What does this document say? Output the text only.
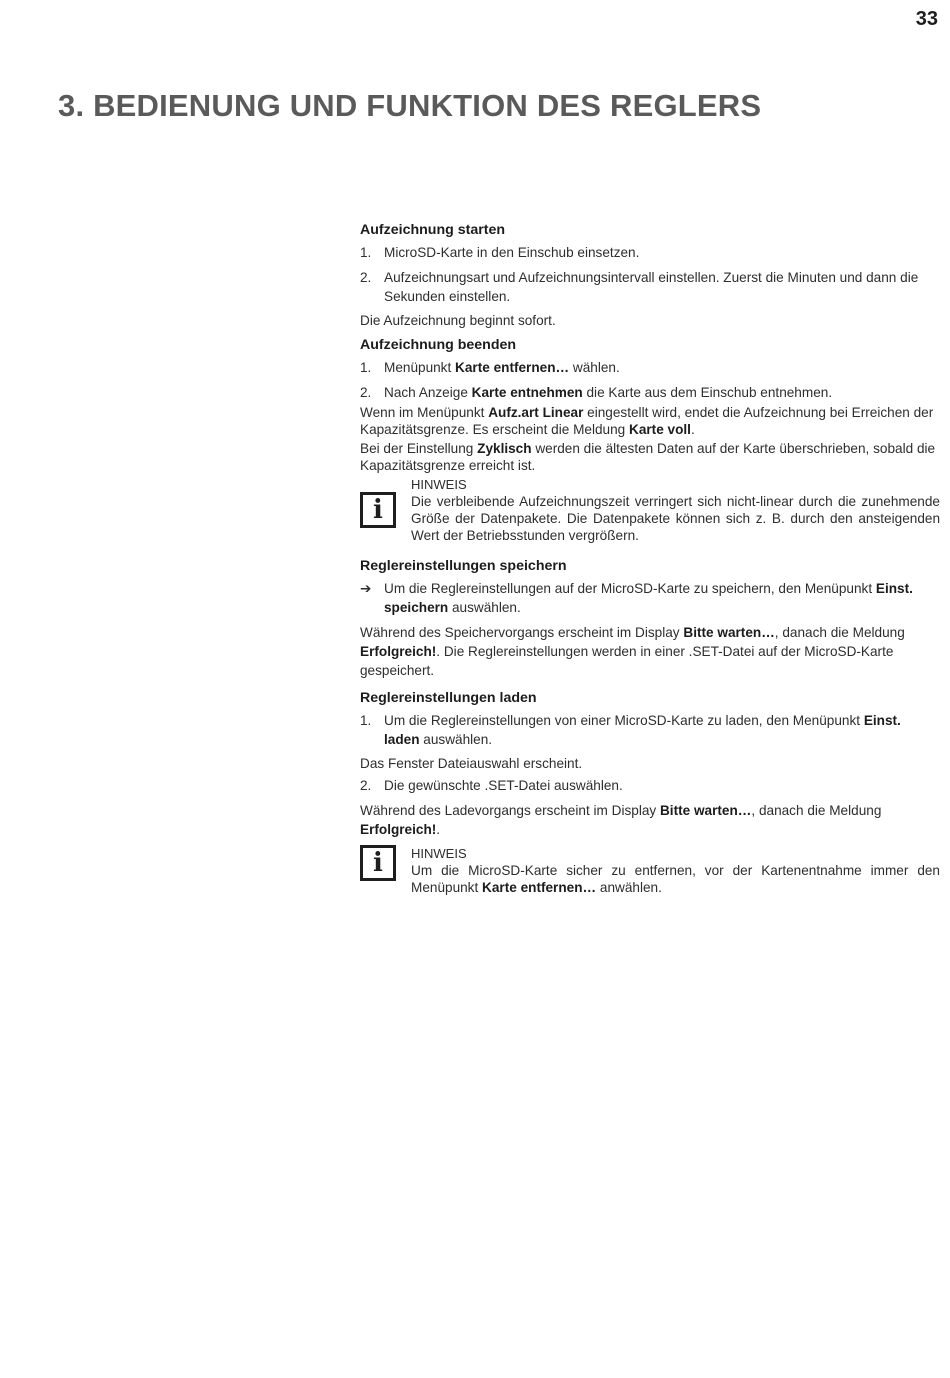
33
3. BEDIENUNG UND FUNKTION DES REGLERS
Aufzeichnung starten
1. MicroSD-Karte in den Einschub einsetzen.
2. Aufzeichnungsart und Aufzeichnungsintervall einstellen. Zuerst die Minuten und dann die Sekunden einstellen.
Die Aufzeichnung beginnt sofort.
Aufzeichnung beenden
1. Menüpunkt Karte entfernen… wählen.
2. Nach Anzeige Karte entnehmen die Karte aus dem Einschub entnehmen.
Wenn im Menüpunkt Aufz.art Linear eingestellt wird, endet die Aufzeichnung bei Erreichen der Kapazitätsgrenze. Es erscheint die Meldung Karte voll.
Bei der Einstellung Zyklisch werden die ältesten Daten auf der Karte überschrieben, sobald die Kapazitätsgrenze erreicht ist.
i
HINWEIS
Die verbleibende Aufzeichnungszeit verringert sich nicht-linear durch die zunehmende Größe der Datenpakete. Die Datenpakete können sich z. B. durch den ansteigenden Wert der Betriebsstunden vergrößern.
Reglereinstellungen speichern
➔ Um die Reglereinstellungen auf der MicroSD-Karte zu speichern, den Menüpunkt Einst. speichern auswählen.
Während des Speichervorgangs erscheint im Display Bitte warten…, danach die Meldung Erfolgreich!. Die Reglereinstellungen werden in einer .SET-Datei auf der MicroSD-Karte gespeichert.
Reglereinstellungen laden
1. Um die Reglereinstellungen von einer MicroSD-Karte zu laden, den Menüpunkt Einst. laden auswählen.
Das Fenster Dateiauswahl erscheint.
2. Die gewünschte .SET-Datei auswählen.
Während des Ladevorgangs erscheint im Display Bitte warten…, danach die Meldung Erfolgreich!.
i	HINWEIS
Um die MicroSD-Karte sicher zu entfernen, vor der Kartenentnahme immer den Menüpunkt Karte entfernen… anwählen.
